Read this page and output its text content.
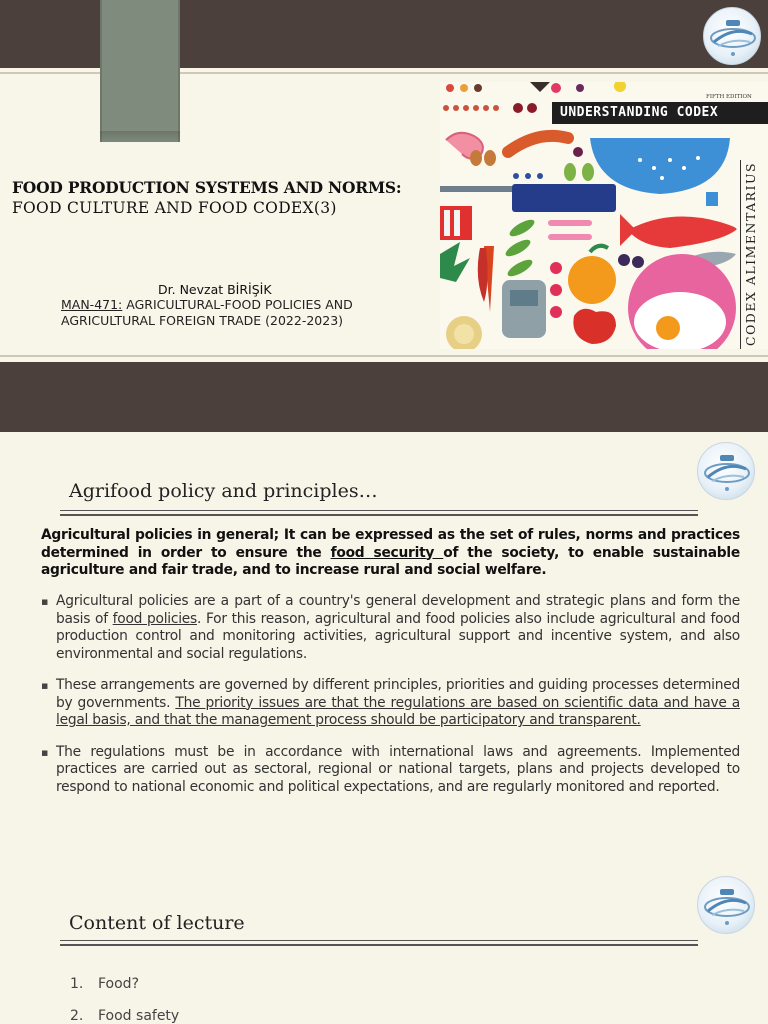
FOOD PRODUCTION SYSTEMS AND NORMS:
FOOD CULTURE AND FOOD CODEX(3)
Dr. Nevzat BİRİŞİK
MAN-471: AGRICULTURAL-FOOD POLICIES AND
AGRICULTURAL FOREIGN TRADE (2022-2023)
FIFTH EDITION
UNDERSTANDING CODEX
CODEX ALIMENTARIUS
Agrifood policy and principles…
Agricultural policies in general; It can be expressed as the set of rules, norms and practices determined in order to ensure the food security of the society, to enable sustainable agriculture and fair trade, and to increase rural and social welfare.
▪ Agricultural policies are a part of a country's general development and strategic plans and form the basis of food policies. For this reason, agricultural and food policies also include agricultural and food production control and monitoring activities, agricultural support and incentive system, and also environmental and social regulations.
▪ These arrangements are governed by different principles, priorities and guiding processes determined by governments. The priority issues are that the regulations are based on scientific data and have a legal basis, and that the management process should be participatory and transparent.
▪ The regulations must be in accordance with international laws and agreements. Implemented practices are carried out as sectoral, regional or national targets, plans and projects developed to respond to national economic and political expectations, and are regularly monitored and reported.
Content of lecture
1. Food?
2. Food safety
